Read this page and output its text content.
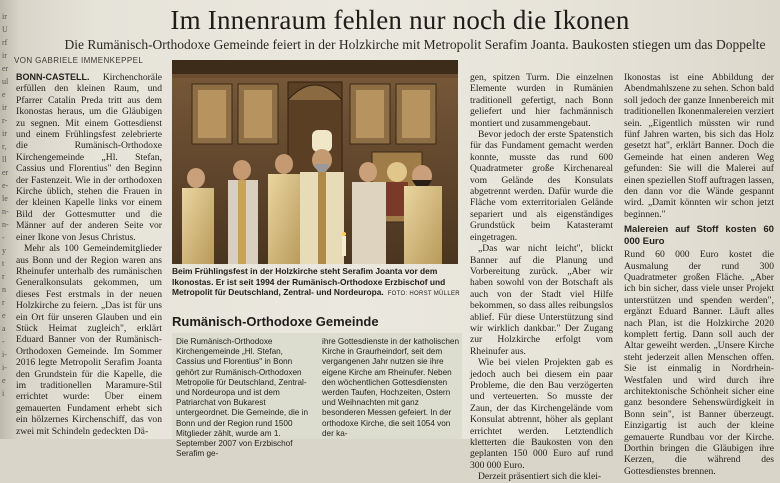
ir
U
rf
ir
er
ul
e
ir
r-
ir
r,
ll
er
e-
le
n-
n-
-
y
t
r
n
r
e
a
-
i-
i-
e
i
Im Innenraum fehlen nur noch die Ikonen
Die Rumänisch-Orthodoxe Gemeinde feiert in der Holzkirche mit Metropolit Serafim Joanta. Baukosten stiegen um das Doppelte
VON GABRIELE IMMENKEPPEL

BONN-CASTELL. Kirchenchoräle erfüllen den kleinen Raum, und Pfarrer Catalin Preda tritt aus dem Ikonostas heraus, um die Gläubigen zu segnen. Mit einem Gottesdienst und einem Frühlingsfest zelebrierte die Rumänisch-Orthodoxe Kirchengemeinde „Hl. Stefan, Cassius und Florentius" den Beginn der Fastenzeit. Wie in der orthodoxen Kirche üblich, stehen die Frauen in der kleinen Kapelle links vor einem Bild der Gottesmutter und die Männer auf der anderen Seite vor einer Ikone von Jesus Christus.

Mehr als 100 Gemeindemitglieder aus Bonn und der Region waren ans Rheinufer unterhalb des rumänischen Generalkonsulats gekommen, um dieses Fest erstmals in der neuen Holzkirche zu feiern. „Das ist für uns ein Ort für unseren Glauben und ein Stück Heimat zugleich", erklärt Eduard Banner von der Rumänisch-Orthodoxen Gemeinde. Im Sommer 2016 legte Metropolit Serafim Joanta den Grundstein für die Kapelle, die im traditionellen Maramure-Stil errichtet wurde: Über einem gemauerten Fundament erhebt sich ein hölzernes Kirchenschiff, das von zwei mit Schindeln gedeckten Dä-

Beim Frühlingsfest in der Holzkirche steht Serafim Joanta vor dem Ikonostas. Er ist seit 1994 der Rumänisch-Orthodoxe Erzbischof und Metropolit für Deutschland, Zentral- und Nordeuropa. FOTO: HORST MÜLLER
Rumänisch-Orthodoxe Gemeinde
Die Rumänisch-Orthodoxe Kirchengemeinde „Hl. Stefan, Cassius und Florentius" in Bonn gehört zur Rumänisch-Orthodoxen Metropolie für Deutschland, Zentral- und Nordeuropa und ist dem Patriarchat von Bukarest untergeordnet. Die Gemeinde, die in Bonn und der Region rund 1500 Mitglieder zählt, wurde am 1. September 2007 von Erzbischof Serafim ge-
ihre Gottesdienste in der katholischen Kirche in Graurheindorf, seit dem vergangenen Jahr nutzen sie ihre eigene Kirche am Rheinufer. Neben den wöchentlichen Gottesdiensten werden Taufen, Hochzeiten, Ostern und Weihnachten mit ganz besonderen Messen gefeiert. In der orthodoxe Kirche, die seit 1054 von der ka-

gen, spitzen Turm. Die einzelnen Elemente wurden in Rumänien traditionell gefertigt, nach Bonn geliefert und hier fachmännisch montiert und zusammengebaut.

Bevor jedoch der erste Spatenstich für das Fundament gemacht werden konnte, musste das rund 600 Quadratmeter große Kirchenareal vom Gelände des Konsulats abgetrennt werden. Dafür wurde die Fläche vom exterritorialen Gelände separiert und als eigenständiges Grundstück beim Katasteramt eingetragen.

„Das war nicht leicht", blickt Banner auf die Planung und Vorbereitung zurück. „Aber wir haben sowohl von der Botschaft als auch von der Stadt viel Hilfe bekommen, so dass alles reibungslos ablief. Für diese Unterstützung sind wir wirklich dankbar." Der Zugang zur Holzkirche erfolgt vom Rheinufer aus.

Wie bei vielen Projekten gab es jedoch auch bei diesem ein paar Probleme, die den Bau verzögerten und verteuerten. So musste der Zaun, der das Kirchengelände vom Konsulat abtrennt, höher als geplant errichtet werden. Letztendlich kletterten die Baukosten von den geplanten 150 000 Euro auf rund 300 000 Euro.

Derzeit präsentiert sich die klei-

Ikonostas ist eine Abbildung der Abendmahlszene zu sehen. Schon bald soll jedoch der ganze Innenbereich mit traditionellen Ikonenmalereien verziert sein. „Eigentlich müssten wir rund fünf Jahren warten, bis sich das Holz gesetzt hat", erklärt Banner. Doch die Gemeinde hat einen anderen Weg gefunden: Sie will die Malerei auf einen speziellen Stoff auftragen lassen, den dann vor die Wände gespannt wird. „Damit könnten wir schon jetzt beginnen."

Malereien auf Stoff kosten 60 000 Euro

Rund 60 000 Euro kostet die Ausmalung der rund 300 Quadratmeter großen Fläche. „Aber ich bin sicher, dass viele unser Projekt unterstützen und spenden werden", ergänzt Eduard Banner. Läuft alles nach Plan, ist die Holzkirche 2020 komplett fertig. Dann soll auch der Altar geweiht werden. „Unsere Kirche steht jederzeit allen Menschen offen. Sie ist einmalig in Nordrhein-Westfalen und wird durch ihre architektonische Schönheit sicher eine ganz besondere Sehenswürdigkeit in Bonn sein", ist Banner überzeugt. Einzigartig ist auch der kleine gemauerte Rundbau vor der Kirche. Dorthin bringen die Gläubigen ihre Kerzen, die während des Gottesdienstes brennen.
